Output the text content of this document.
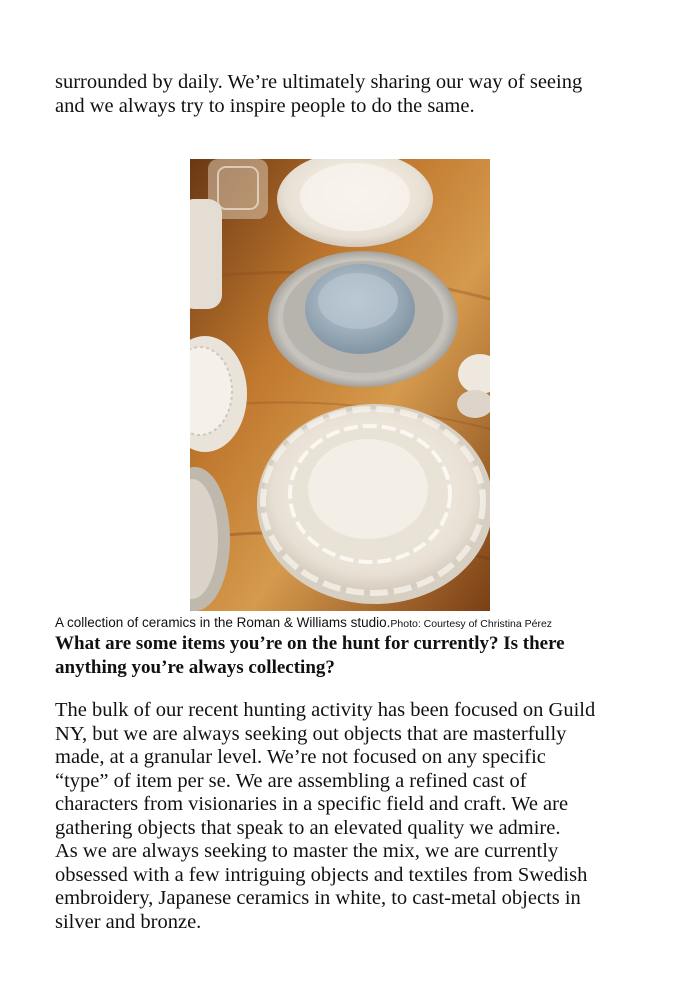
surrounded by daily. We’re ultimately sharing our way of seeing
and we always try to inspire people to do the same.

A collection of ceramics in the Roman & Williams studio.Photo: Courtesy of Christina Pérez

What are some items you’re on the hunt for currently? Is there
anything you’re always collecting?

The bulk of our recent hunting activity has been focused on Guild
NY, but we are always seeking out objects that are masterfully
made, at a granular level. We’re not focused on any specific
“type” of item per se. We are assembling a refined cast of
characters from visionaries in a specific field and craft. We are
gathering objects that speak to an elevated quality we admire.
As we are always seeking to master the mix, we are currently
obsessed with a few intriguing objects and textiles from Swedish
embroidery, Japanese ceramics in white, to cast-metal objects in
silver and bronze.
